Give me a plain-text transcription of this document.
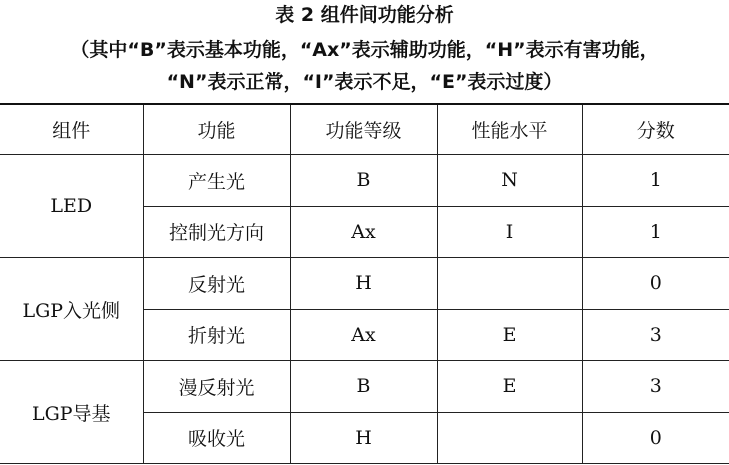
表 2 组件间功能分析
（其中“B”表示基本功能，“Ax”表示辅助功能，“H”表示有害功能，
“N”表示正常，“I”表示不足，“E”表示过度）
组件	功能	功能等级	性能水平	分数
LED	产生光	B	N	1
	控制光方向	Ax	I	1
LGP入光侧	反射光	H		0
	折射光	Ax	E	3
LGP导基	漫反射光	B	E	3
	吸收光	H		0
